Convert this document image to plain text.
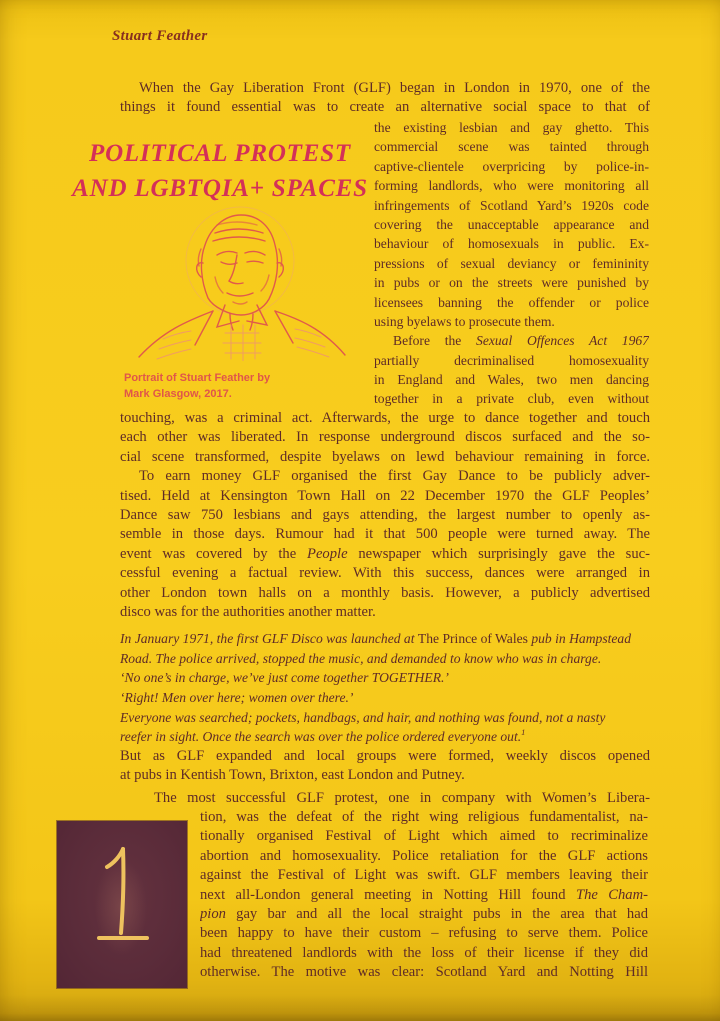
Stuart Feather
When the Gay Liberation Front (GLF) began in London in 1970, one of the
things it found essential was to create an alternative social space to that of
the existing lesbian and gay ghetto. This
commercial scene was tainted through
captive-clientele overpricing by police-in-
forming landlords, who were monitoring all
infringements of Scotland Yard’s 1920s code
covering the unacceptable appearance and
behaviour of homosexuals in public. Ex-
pressions of sexual deviancy or femininity
in pubs or on the streets were punished by
licensees banning the offender or police
using byelaws to prosecute them.
Before the Sexual Offences Act 1967
partially decriminalised homosexuality
in England and Wales, two men dancing
together in a private club, even without
POLITICAL PROTEST
AND LGBTQIA+ SPACES
Portrait of Stuart Feather by
Mark Glasgow, 2017.
touching, was a criminal act. Afterwards, the urge to dance together and touch
each other was liberated. In response underground discos surfaced and the so-
cial scene transformed, despite byelaws on lewd behaviour remaining in force.
To earn money GLF organised the first Gay Dance to be publicly adver-
tised. Held at Kensington Town Hall on 22 December 1970 the GLF Peoples’
Dance saw 750 lesbians and gays attending, the largest number to openly as-
semble in those days. Rumour had it that 500 people were turned away. The
event was covered by the People newspaper which surprisingly gave the suc-
cessful evening a factual review. With this success, dances were arranged in
other London town halls on a monthly basis. However, a publicly advertised
disco was for the authorities another matter.
In January 1971, the first GLF Disco was launched at The Prince of Wales pub in Hampstead
Road. The police arrived, stopped the music, and demanded to know who was in charge.
‘No one’s in charge, we’ve just come together TOGETHER.’
‘Right! Men over here; women over there.’
Everyone was searched; pockets, handbags, and hair, and nothing was found, not a nasty
reefer in sight. Once the search was over the police ordered everyone out.$^1$
But as GLF expanded and local groups were formed, weekly discos opened
at pubs in Kentish Town, Brixton, east London and Putney.
The most successful GLF protest, one in company with Women’s Libera-
tion, was the defeat of the right wing religious fundamentalist, na-
tionally organised Festival of Light which aimed to recriminalize
abortion and homosexuality. Police retaliation for the GLF actions
against the Festival of Light was swift. GLF members leaving their
next all-London general meeting in Notting Hill found The Cham-
pion gay bar and all the local straight pubs in the area that had
been happy to have their custom – refusing to serve them. Police
had threatened landlords with the loss of their license if they did
otherwise. The motive was clear: Scotland Yard and Notting Hill
